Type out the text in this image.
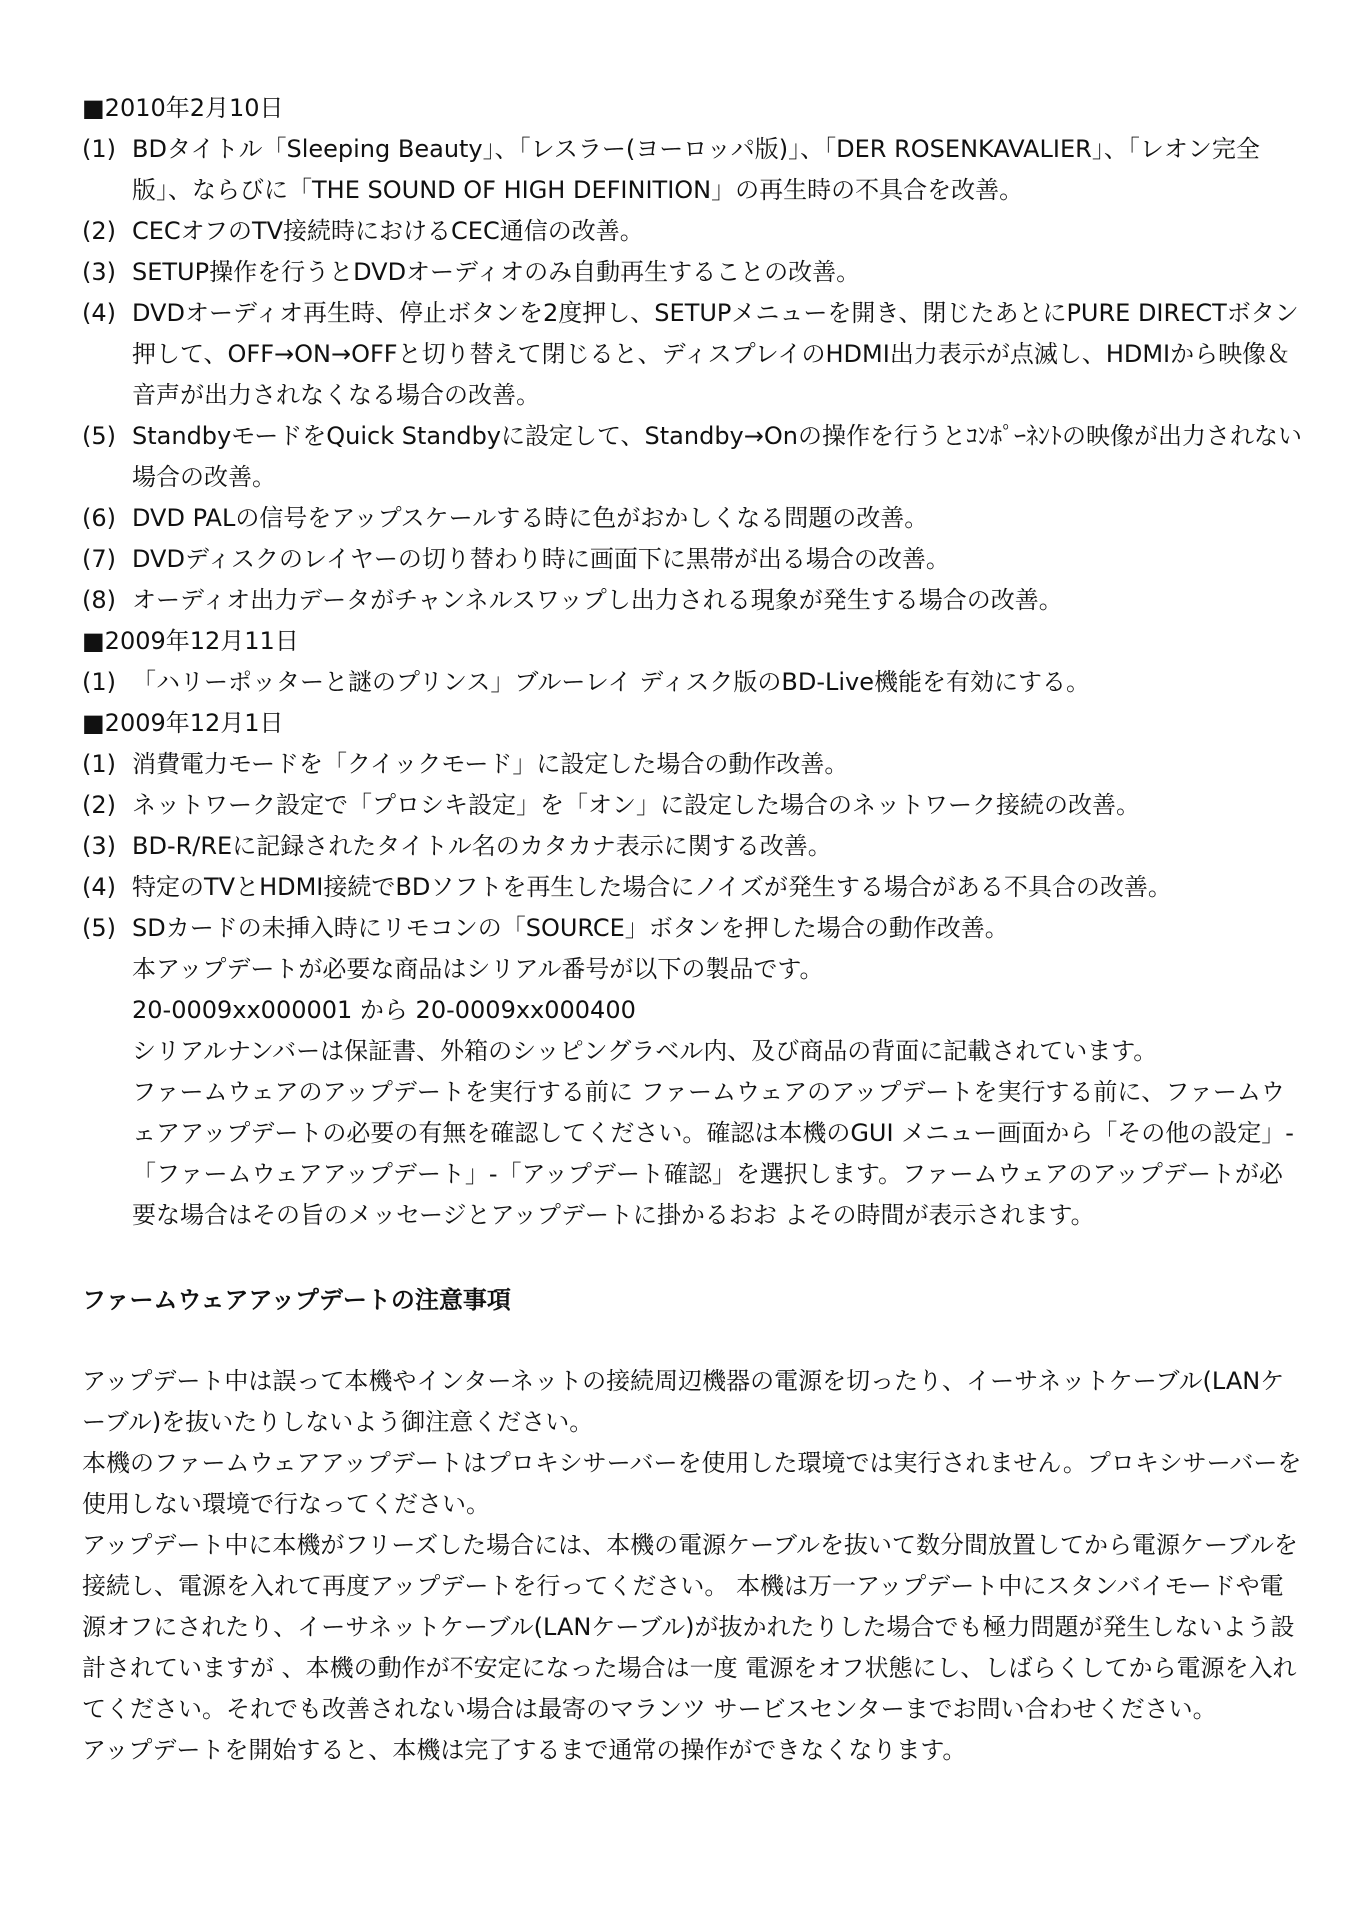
■2010年2月10日

(1) BDタイトル「Sleeping Beauty」、「レスラー(ヨーロッパ版)」、「DER ROSENKAVALIER」、「レオン完全版」、ならびに「THE SOUND OF HIGH DEFINITION」の再生時の不具合を改善。
(2) CECオフのTV接続時におけるCEC通信の改善。
(3) SETUP操作を行うとDVDオーディオのみ自動再生することの改善。
(4) DVDオーディオ再生時、停止ボタンを2度押し、SETUPメニューを開き、閉じたあとにPURE DIRECTボタン押して、OFF→ON→OFFと切り替えて閉じると、ディスプレイのHDMI出力表示が点滅し、HDMIから映像＆音声が出力されなくなる場合の改善。
(5) StandbyモードをQuick Standbyに設定して、Standby→Onの操作を行うとｺﾝﾎﾟｰﾈﾝﾄの映像が出力されない場合の改善。
(6) DVD PALの信号をアップスケールする時に色がおかしくなる問題の改善。
(7) DVDディスクのレイヤーの切り替わり時に画面下に黒帯が出る場合の改善。
(8) オーディオ出力データがチャンネルスワップし出力される現象が発生する場合の改善。

■2009年12月11日

(1) 「ハリーポッターと謎のプリンス」ブルーレイ ディスク版のBD-Live機能を有効にする。

■2009年12月1日

(1) 消費電力モードを「クイックモード」に設定した場合の動作改善。
(2) ネットワーク設定で「プロシキ設定」を「オン」に設定した場合のネットワーク接続の改善。
(3) BD-R/REに記録されたタイトル名のカタカナ表示に関する改善。
(4) 特定のTVとHDMI接続でBDソフトを再生した場合にノイズが発生する場合がある不具合の改善。
(5) SDカードの未挿入時にリモコンの「SOURCE」ボタンを押した場合の動作改善。

本アップデートが必要な商品はシリアル番号が以下の製品です。

20-0009xx000001 から 20-0009xx000400

シリアルナンバーは保証書、外箱のシッピングラベル内、及び商品の背面に記載されています。

ファームウェアのアップデートを実行する前に ファームウェアのアップデートを実行する前に、ファームウェアアップデートの必要の有無を確認してください。確認は本機のGUI メニュー画面から「その他の設定」-「ファームウェアアップデート」-「アップデート確認」を選択します。ファームウェアのアップデートが必要な場合はその旨のメッセージとアップデートに掛かるおお よその時間が表示されます。

ファームウェアアップデートの注意事項

アップデート中は誤って本機やインターネットの接続周辺機器の電源を切ったり、イーサネットケーブル(LANケ ーブル)を抜いたりしないよう御注意ください。

本機のファームウェアアップデートはプロキシサーバーを使用した環境では実行されません。プロキシサーバーを使用しない環境で行なってください。

アップデート中に本機がフリーズした場合には、本機の電源ケーブルを抜いて数分間放置してから電源ケーブルを接続し、電源を入れて再度アップデートを行ってください。 本機は万一アップデート中にスタンバイモードや電源オフにされたり、イーサネットケーブル(LANケーブル)が抜かれたりした場合でも極力問題が発生しないよう設計されていますが 、本機の動作が不安定になった場合は一度 電源をオフ状態にし、しばらくしてから電源を入れてください。それでも改善されない場合は最寄のマランツ サービスセンターまでお問い合わせください。

アップデートを開始すると、本機は完了するまで通常の操作ができなくなります。
